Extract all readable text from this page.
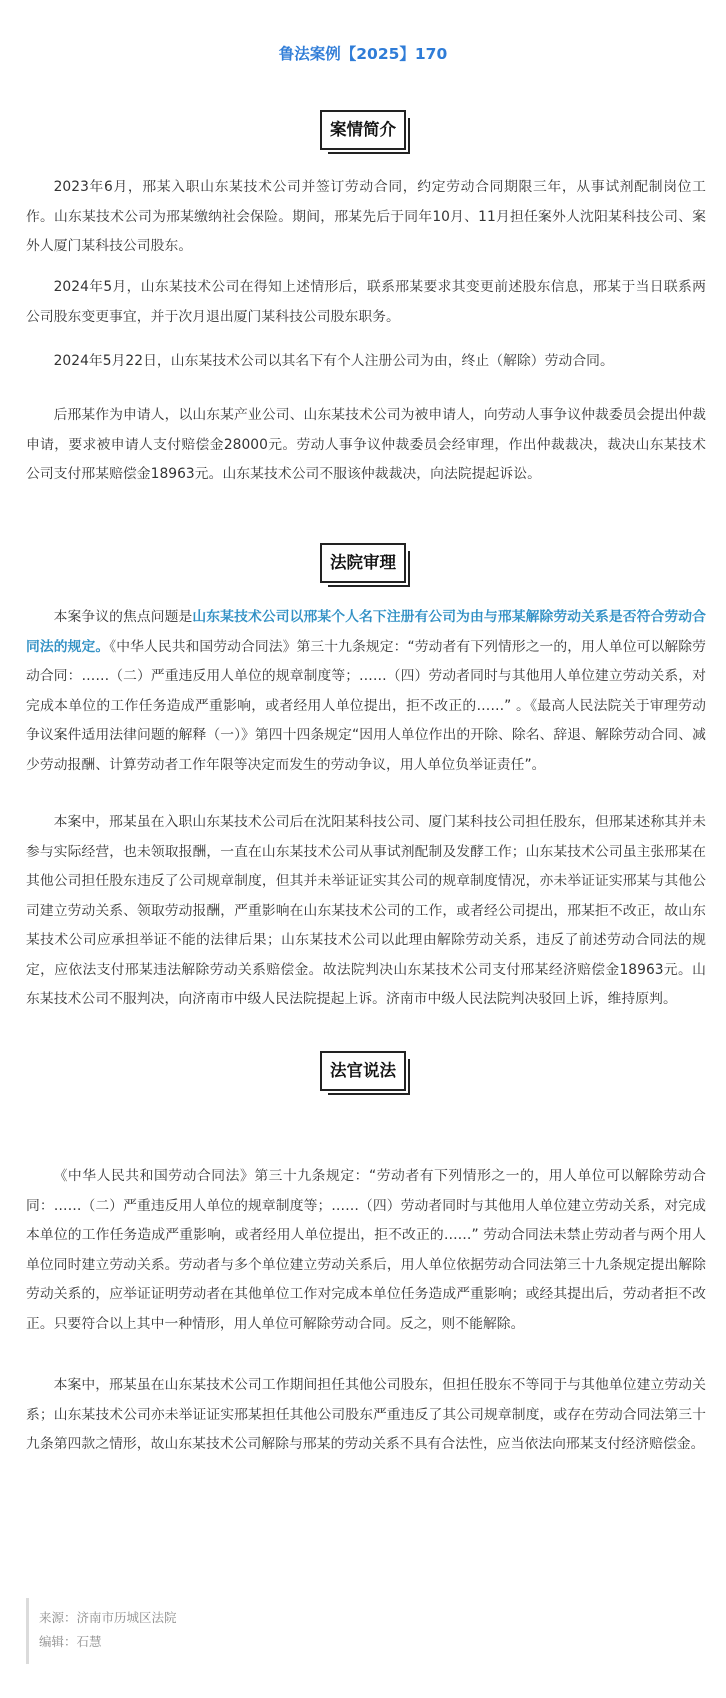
鲁法案例【2025】170
案情简介

2023年6月，邢某入职山东某技术公司并签订劳动合同，约定劳动合同期限三年，从事试剂配制岗位工作。山东某技术公司为邢某缴纳社会保险。期间，邢某先后于同年10月、11月担任案外人沈阳某科技公司、案外人厦门某科技公司股东。

2024年5月，山东某技术公司在得知上述情形后，联系邢某要求其变更前述股东信息，邢某于当日联系两公司股东变更事宜，并于次月退出厦门某科技公司股东职务。

2024年5月22日，山东某技术公司以其名下有个人注册公司为由，终止（解除）劳动合同。

后邢某作为申请人，以山东某产业公司、山东某技术公司为被申请人，向劳动人事争议仲裁委员会提出仲裁申请，要求被申请人支付赔偿金28000元。劳动人事争议仲裁委员会经审理，作出仲裁裁决，裁决山东某技术公司支付邢某赔偿金18963元。山东某技术公司不服该仲裁裁决，向法院提起诉讼。

法院审理

本案争议的焦点问题是山东某技术公司以邢某个人名下注册有公司为由与邢某解除劳动关系是否符合劳动合同法的规定。《中华人民共和国劳动合同法》第三十九条规定：“劳动者有下列情形之一的，用人单位可以解除劳动合同：……（二）严重违反用人单位的规章制度等；……（四）劳动者同时与其他用人单位建立劳动关系，对完成本单位的工作任务造成严重影响，或者经用人单位提出，拒不改正的……” 。《最高人民法院关于审理劳动争议案件适用法律问题的解释（一）》第四十四条规定“因用人单位作出的开除、除名、辞退、解除劳动合同、减少劳动报酬、计算劳动者工作年限等决定而发生的劳动争议，用人单位负举证责任”。

本案中，邢某虽在入职山东某技术公司后在沈阳某科技公司、厦门某科技公司担任股东，但邢某述称其并未参与实际经营，也未领取报酬，一直在山东某技术公司从事试剂配制及发酵工作；山东某技术公司虽主张邢某在其他公司担任股东违反了公司规章制度，但其并未举证证实其公司的规章制度情况，亦未举证证实邢某与其他公司建立劳动关系、领取劳动报酬，严重影响在山东某技术公司的工作，或者经公司提出，邢某拒不改正，故山东某技术公司应承担举证不能的法律后果；山东某技术公司以此理由解除劳动关系，违反了前述劳动合同法的规定，应依法支付邢某违法解除劳动关系赔偿金。故法院判决山东某技术公司支付邢某经济赔偿金18963元。山东某技术公司不服判决，向济南市中级人民法院提起上诉。济南市中级人民法院判决驳回上诉，维持原判。

法官说法

《中华人民共和国劳动合同法》第三十九条规定：“劳动者有下列情形之一的，用人单位可以解除劳动合同：……（二）严重违反用人单位的规章制度等；……（四）劳动者同时与其他用人单位建立劳动关系，对完成本单位的工作任务造成严重影响，或者经用人单位提出，拒不改正的……” 劳动合同法未禁止劳动者与两个用人单位同时建立劳动关系。劳动者与多个单位建立劳动关系后，用人单位依据劳动合同法第三十九条规定提出解除劳动关系的，应举证证明劳动者在其他单位工作对完成本单位任务造成严重影响；或经其提出后，劳动者拒不改正。只要符合以上其中一种情形，用人单位可解除劳动合同。反之，则不能解除。

本案中，邢某虽在山东某技术公司工作期间担任其他公司股东，但担任股东不等同于与其他单位建立劳动关系；山东某技术公司亦未举证证实邢某担任其他公司股东严重违反了其公司规章制度，或存在劳动合同法第三十九条第四款之情形，故山东某技术公司解除与邢某的劳动关系不具有合法性，应当依法向邢某支付经济赔偿金。

来源：济南市历城区法院
编辑：石慧
